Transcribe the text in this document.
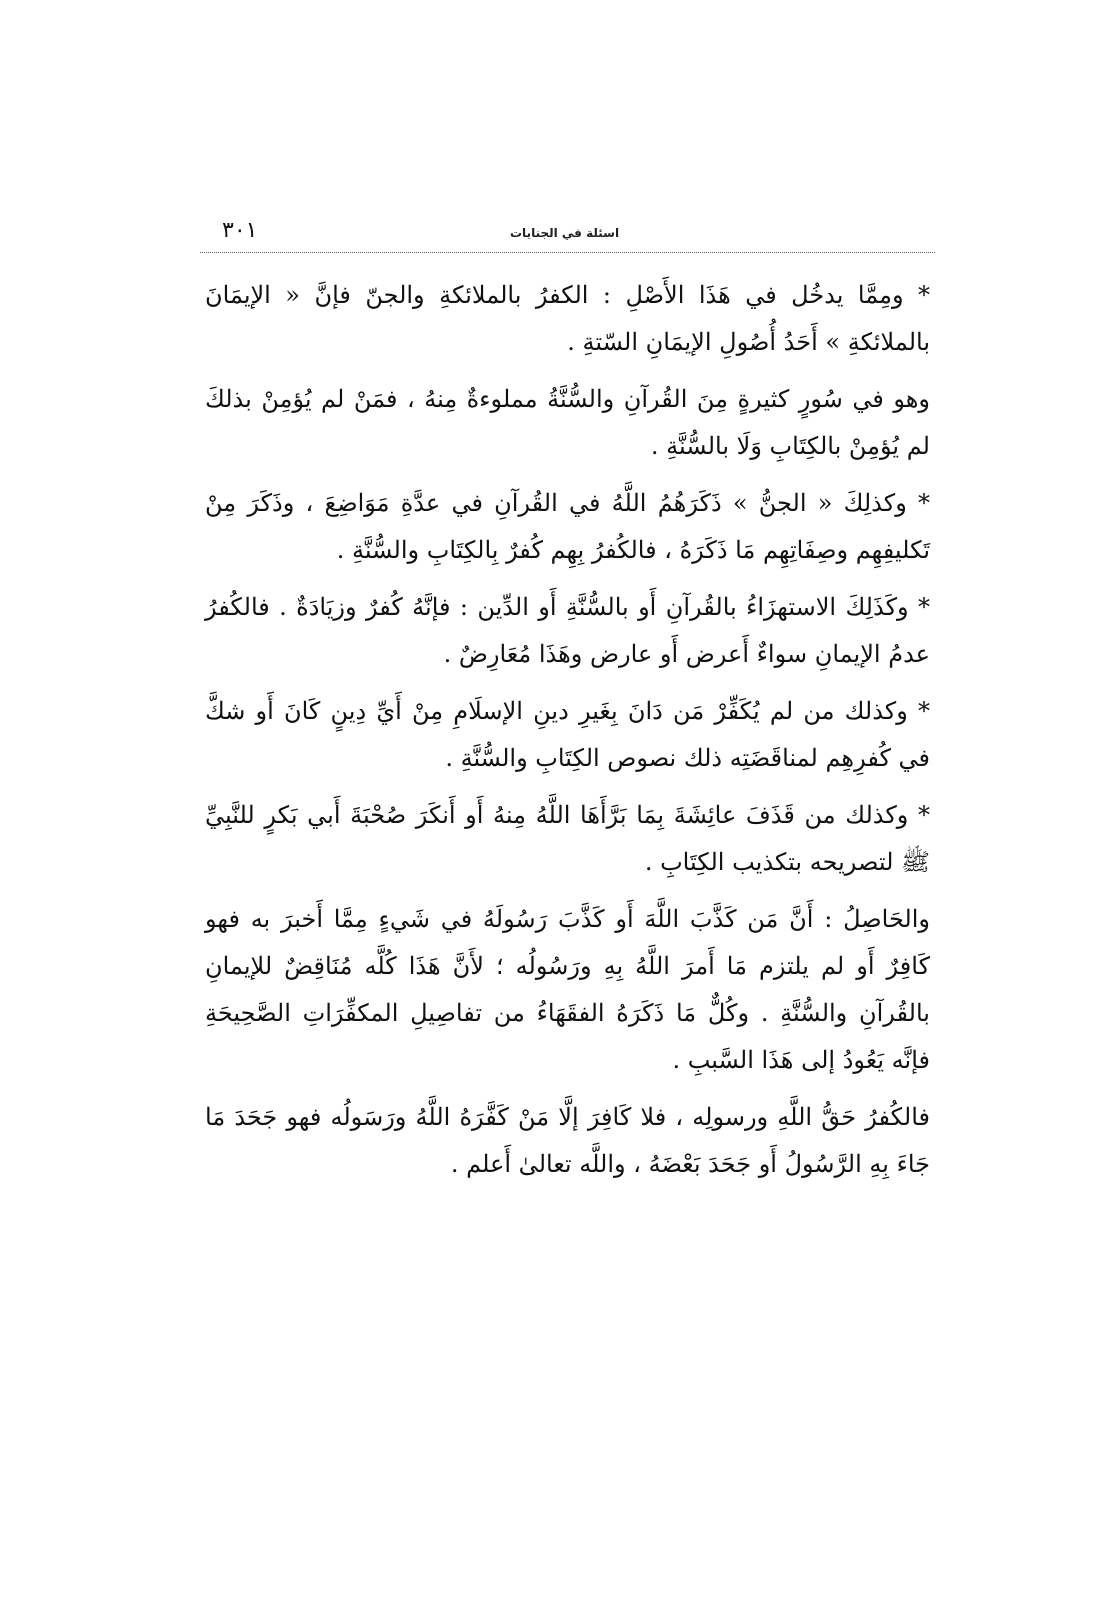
٣٠١	اسئلة في الجنايات

* ومِمَّا يدخُل في هَذَا الأَصْلِ : الكفرُ بالملائكةِ والجنّ فإنَّ « الإيمَانَ بالملائكةِ » أَحَدُ أُصُولِ الإيمَانِ السّتةِ .

وهو في سُورٍ كثيرةٍ مِنَ القُرآنِ والسُّنَّةُ مملوءةٌ مِنهُ ، فمَنْ لم يُؤمِنْ بذلكَ لم يُؤمِنْ بالكِتَابِ وَلَا بالسُّنَّةِ .

* وكذلِكَ « الجنُّ » ذَكَرَهُمُ اللَّهُ في القُرآنِ في عدَّةِ مَوَاضِعَ ، وذَكَرَ مِنْ تَكليفِهِم وصِفَاتِهِم مَا ذَكَرَهُ ، فالكُفرُ بِهِم كُفرٌ بِالكِتَابِ والسُّنَّةِ .

* وكَذَلِكَ الاستهزَاءُ بالقُرآنِ أَو بالسُّنَّةِ أَو الدِّين : فإنَّهُ كُفرٌ وزيَادَةٌ . فالكُفرُ عدمُ الإيمانِ سواءٌ أَعرض أَو عارض وهَذَا مُعَارِضٌ .

* وكذلك من لم يُكَفِّرْ مَن دَانَ بِغَيرِ دينِ الإسلَامِ مِنْ أَيِّ دِينٍ كَانَ أَو شكَّ في كُفرِهِم لمناقَضَتِه ذلك نصوص الكِتَابِ والسُّنَّةِ .

* وكذلك من قَذَفَ عائِشَةَ بِمَا بَرَّأَهَا اللَّهُ مِنهُ أَو أَنكَرَ صُحْبَةَ أَبي بَكرٍ للنَّبِيِّ ﷺ لتصريحه بتكذيب الكِتَابِ .

والحَاصِلُ : أَنَّ مَن كَذَّبَ اللَّهَ أَو كَذَّبَ رَسُولَهُ في شَيءٍ مِمَّا أَخبرَ به فهو كَافِرٌ أَو لم يلتزم مَا أَمرَ اللَّهُ بِهِ ورَسُولُه ؛ لأَنَّ هَذَا كُلَّه مُنَاقِضٌ للإيمانِ بالقُرآنِ والسُّنَّةِ . وكُلٌّ مَا ذَكَرَهُ الفقَهَاءُ من تفاصِيلِ المكفِّرَاتِ الصَّحِيحَةِ فإنَّه يَعُودُ إلى هَذَا السَّببِ .

فالكُفرُ حَقُّ اللَّهِ ورسولِه ، فلا كَافِرَ إلَّا مَنْ كَفَّرَهُ اللَّهُ ورَسَولُه فهو جَحَدَ مَا جَاءَ بِهِ الرَّسُولُ أَو جَحَدَ بَعْضَهُ ، واللَّه تعالىٰ أَعلم .
